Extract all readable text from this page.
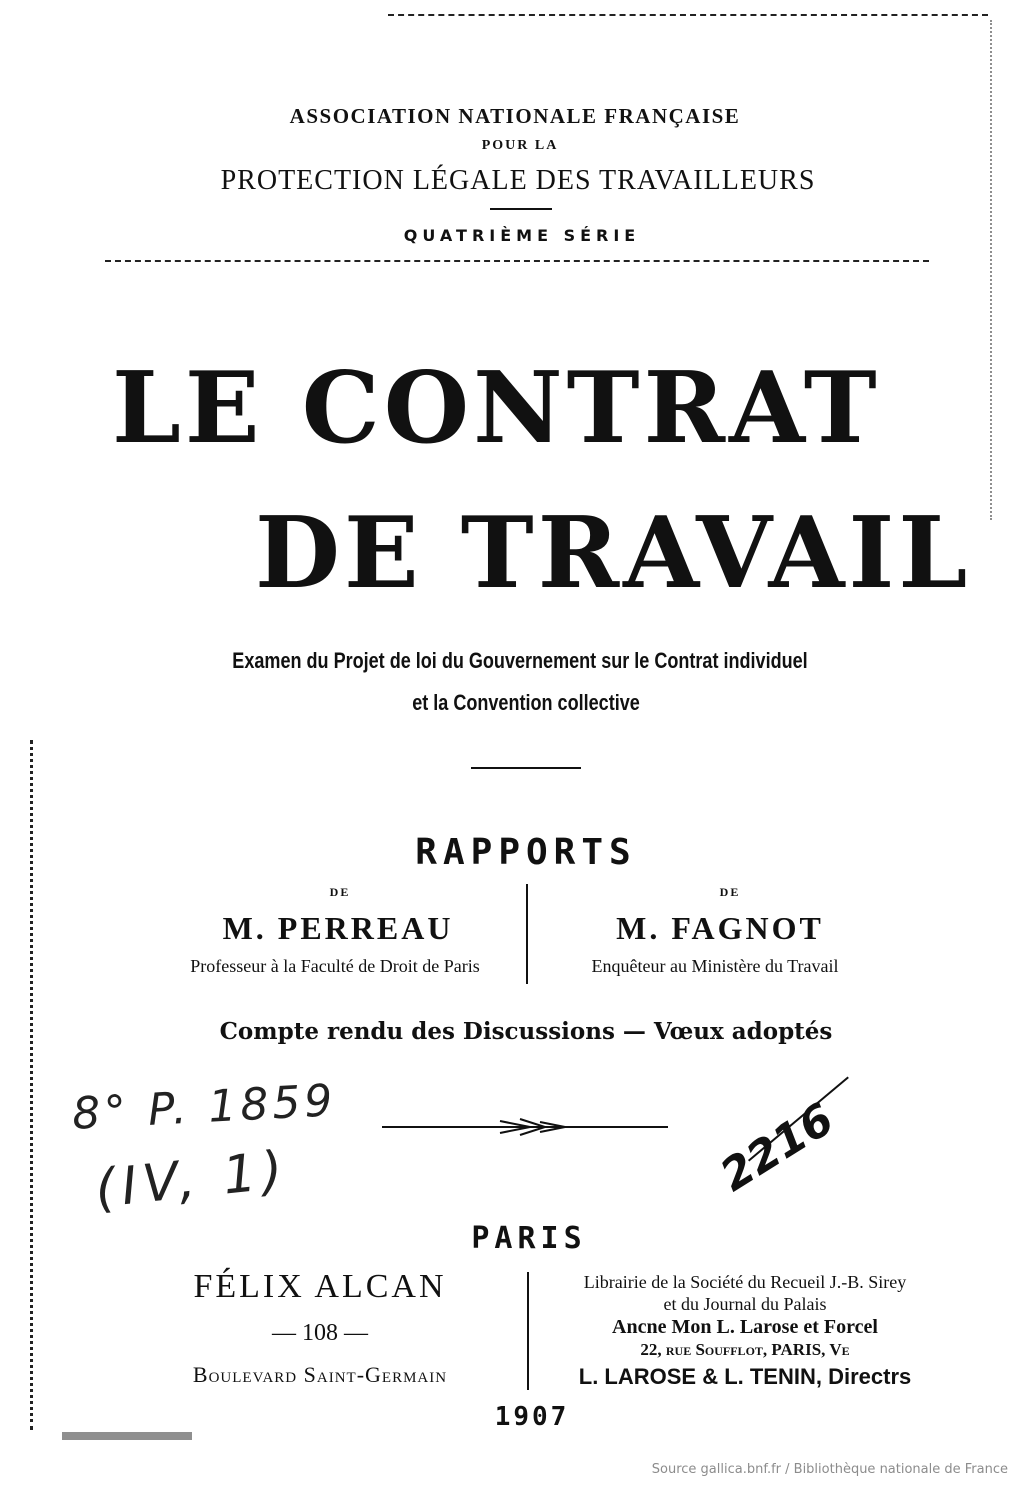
ASSOCIATION NATIONALE FRANÇAISE
POUR LA
PROTECTION LÉGALE DES TRAVAILLEURS
QUATRIÈME SÉRIE
LE CONTRAT
DE TRAVAIL
Examen du Projet de loi du Gouvernement sur le Contrat individuel
et la Convention collective
RAPPORTS
DE	DE
M. PERREAU	M. FAGNOT
Professeur à la Faculté de Droit de Paris	Enquêteur au Ministère du Travail
Compte rendu des Discussions — Vœux adoptés
8° P. 1859
(IV, 1)	2216
PARIS
FÉLIX ALCAN
— 108 —
Boulevard Saint-Germain
Librairie de la Société du Recueil J.-B. Sirey
et du Journal du Palais
Ancne Mon L. Larose et Forcel
22, rue Soufflot, PARIS, Ve
L. LAROSE & L. TENIN, Directrs
1907
Source gallica.bnf.fr / Bibliothèque nationale de France
